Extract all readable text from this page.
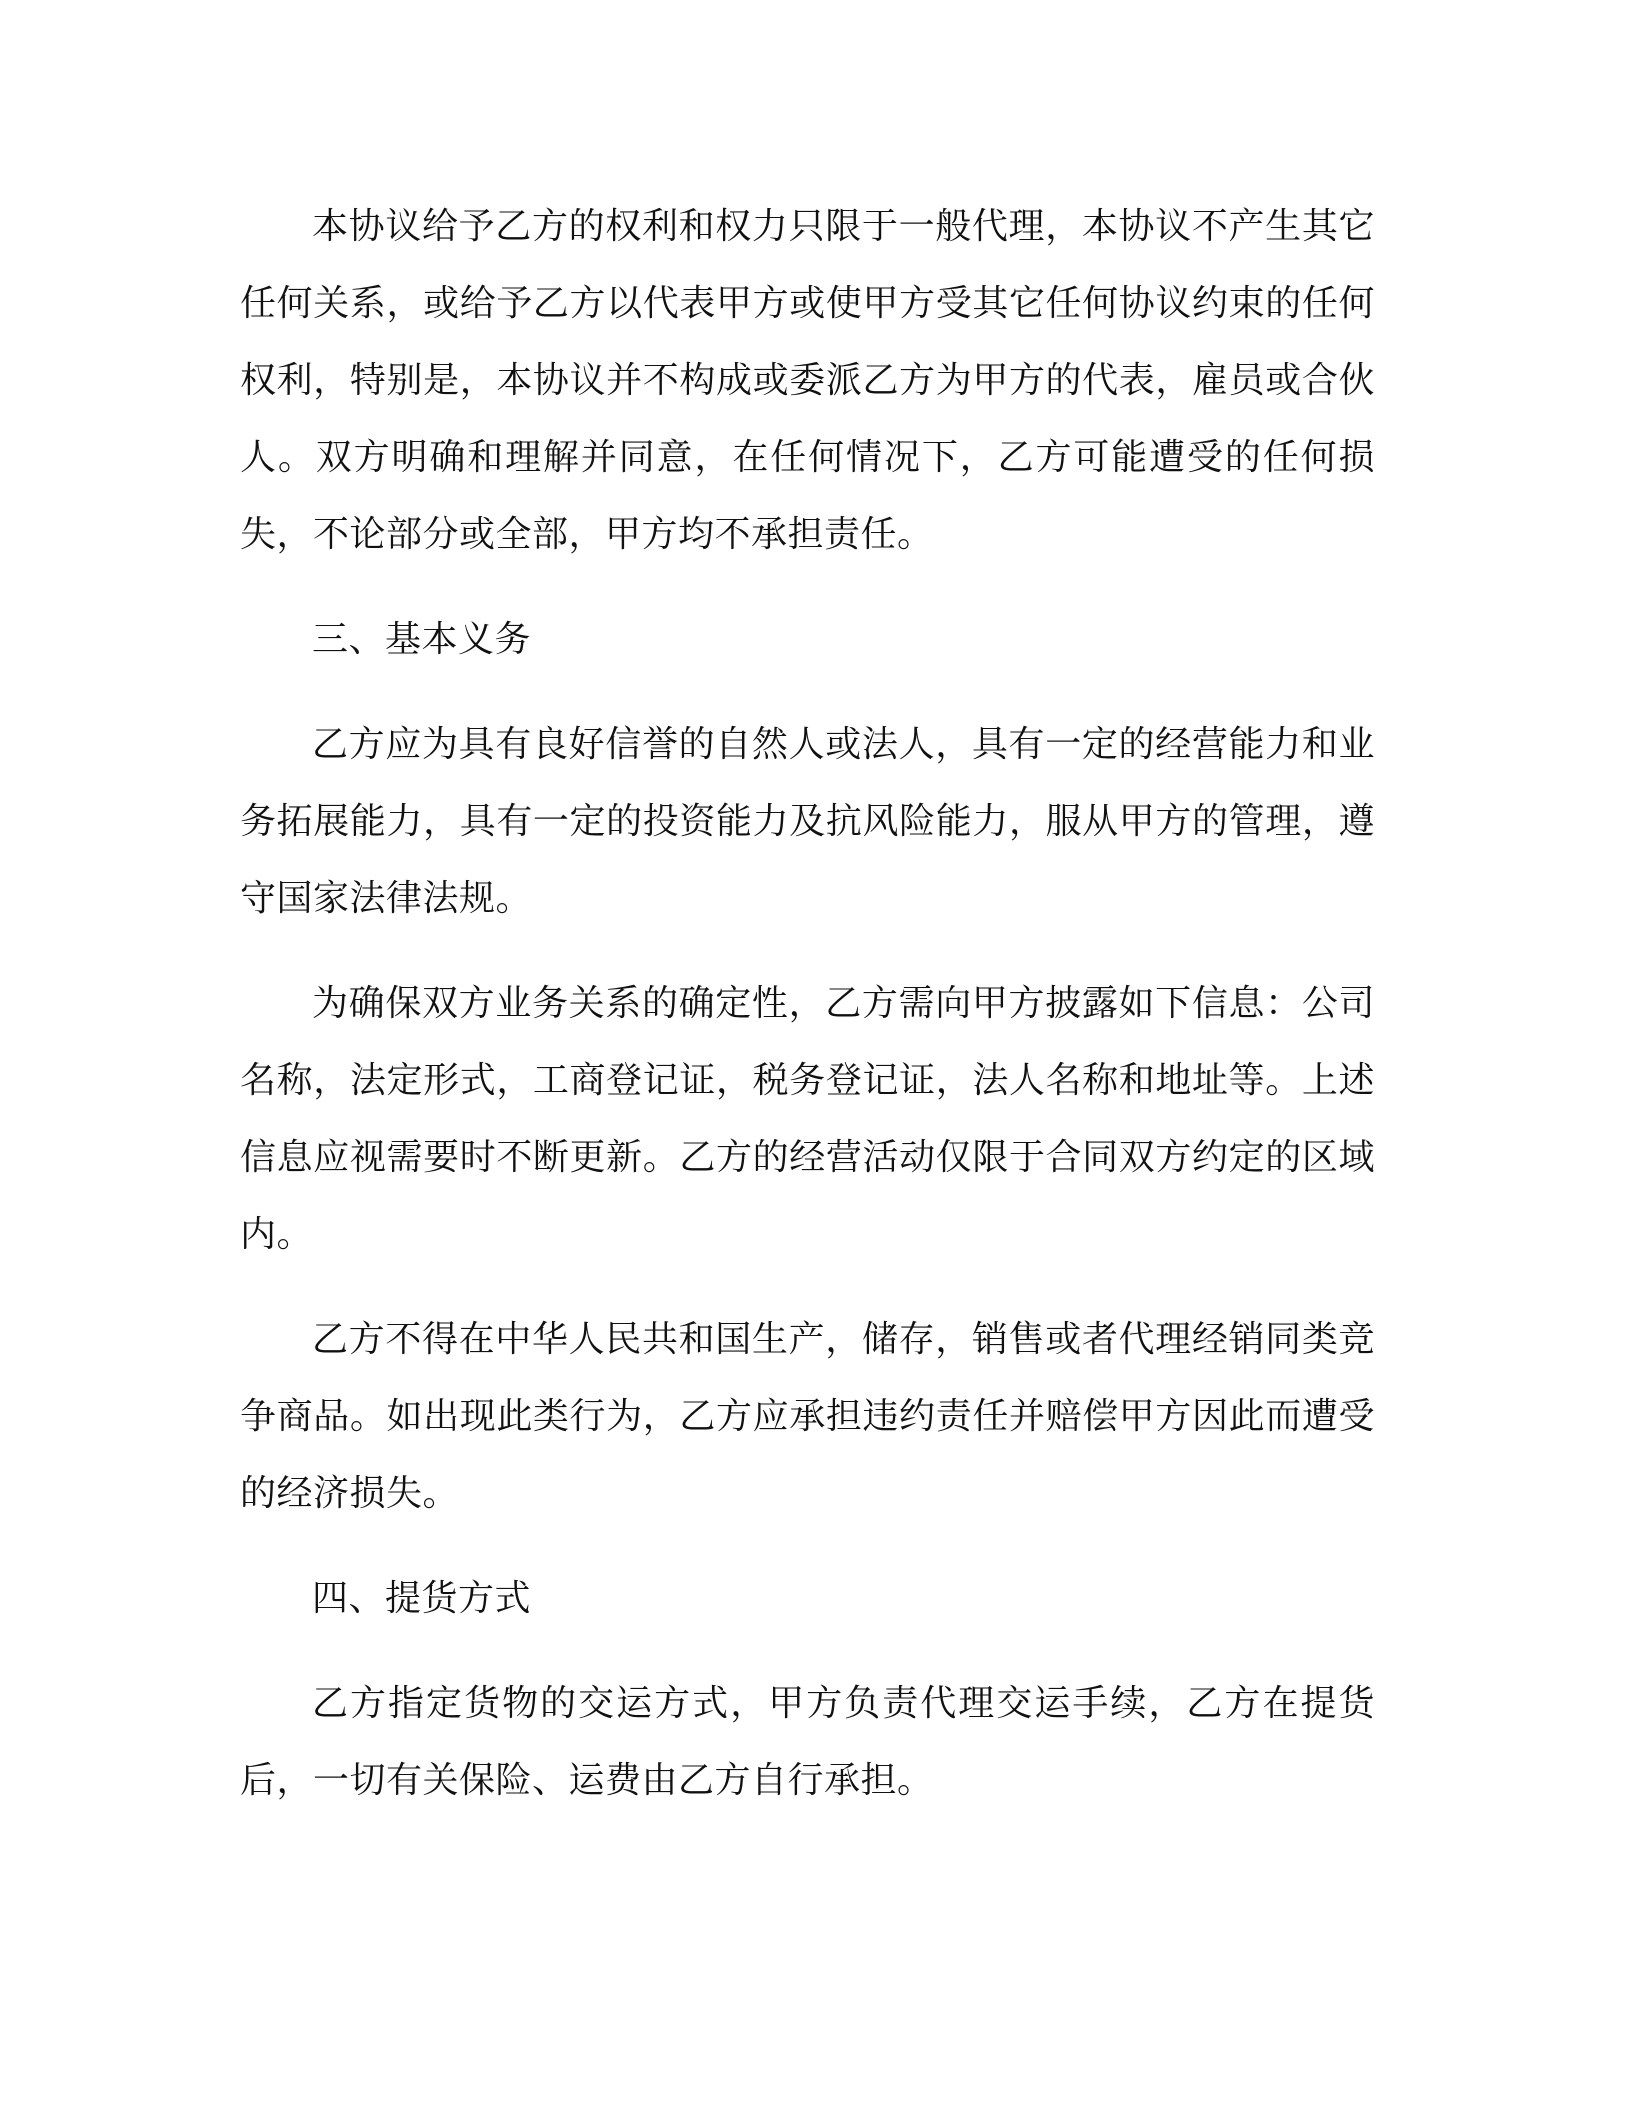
本协议给予乙方的权利和权力只限于一般代理，本协议不产生其它任何关系，或给予乙方以代表甲方或使甲方受其它任何协议约束的任何权利，特别是，本协议并不构成或委派乙方为甲方的代表，雇员或合伙人。双方明确和理解并同意，在任何情况下，乙方可能遭受的任何损失，不论部分或全部，甲方均不承担责任。

三、基本义务

乙方应为具有良好信誉的自然人或法人，具有一定的经营能力和业务拓展能力，具有一定的投资能力及抗风险能力，服从甲方的管理，遵守国家法律法规。

为确保双方业务关系的确定性，乙方需向甲方披露如下信息：公司名称，法定形式，工商登记证，税务登记证，法人名称和地址等。上述信息应视需要时不断更新。乙方的经营活动仅限于合同双方约定的区域内。

乙方不得在中华人民共和国生产，储存，销售或者代理经销同类竞争商品。如出现此类行为，乙方应承担违约责任并赔偿甲方因此而遭受的经济损失。

四、提货方式

乙方指定货物的交运方式，甲方负责代理交运手续，乙方在提货后，一切有关保险、运费由乙方自行承担。
